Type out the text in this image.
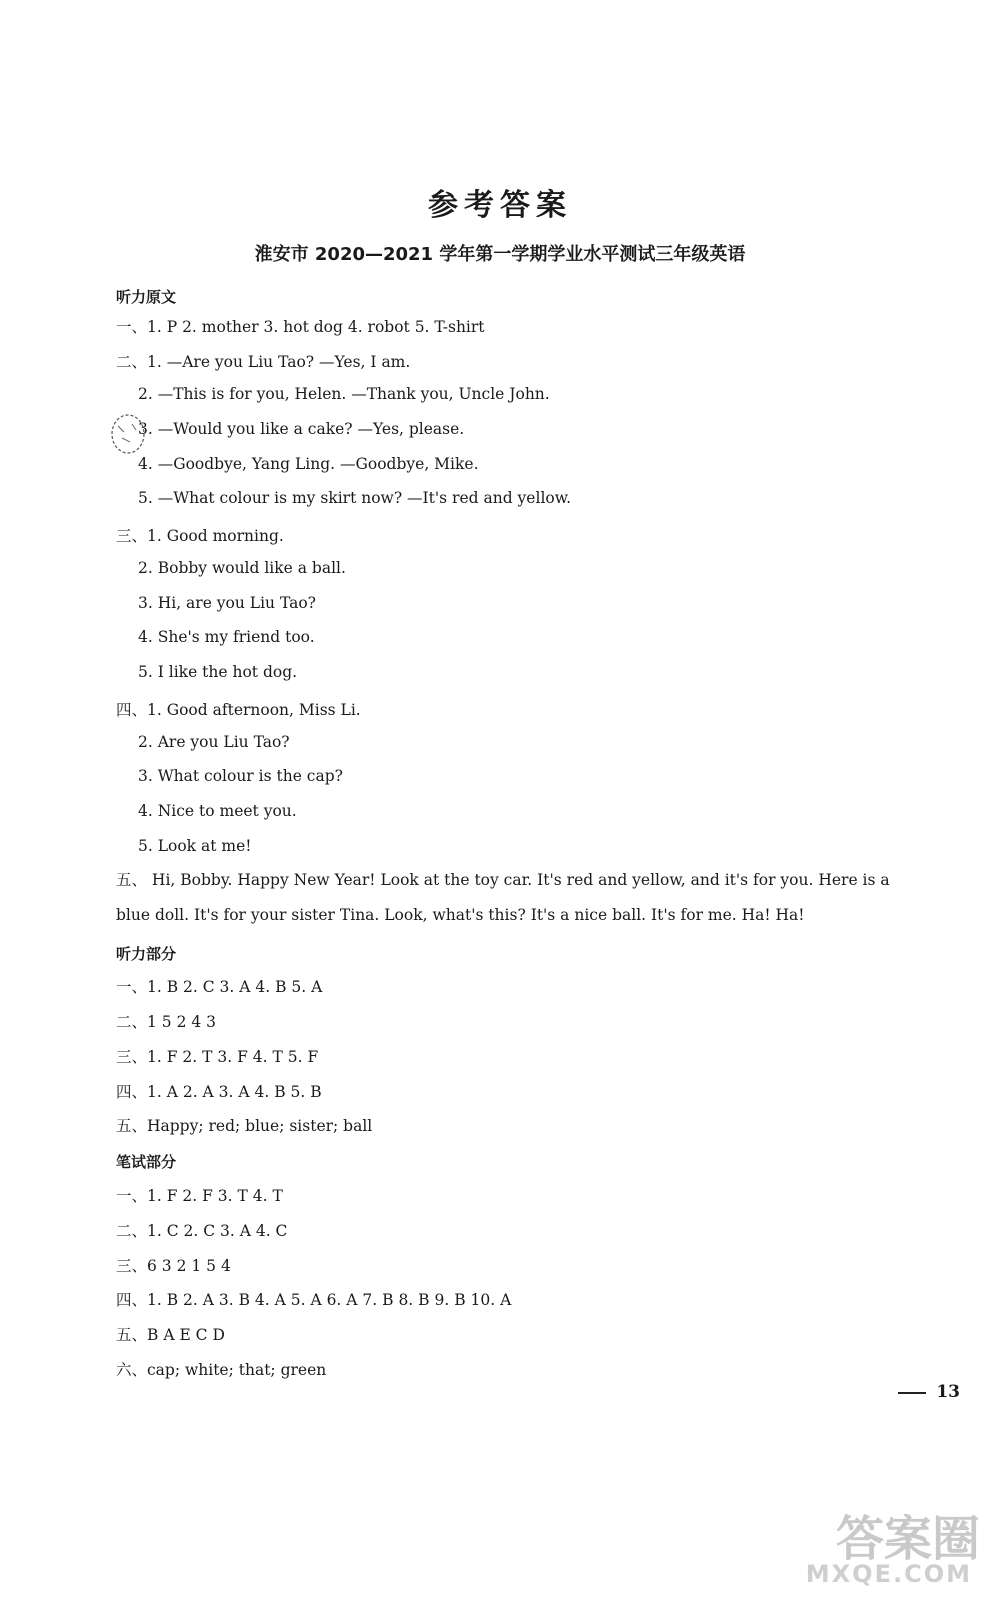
参考答案
淮安市 2020—2021 学年第一学期学业水平测试三年级英语
听力原文
一、1. P 2. mother 3. hot dog 4. robot 5. T-shirt
二、1. —Are you Liu Tao? —Yes, I am.
2. —This is for you, Helen. —Thank you, Uncle John.
3. —Would you like a cake? —Yes, please.
4. —Goodbye, Yang Ling. —Goodbye, Mike.
5. —What colour is my skirt now? —It's red and yellow.
三、1. Good morning.
2. Bobby would like a ball.
3. Hi, are you Liu Tao?
4. She's my friend too.
5. I like the hot dog.
四、1. Good afternoon, Miss Li.
2. Are you Liu Tao?
3. What colour is the cap?
4. Nice to meet you.
5. Look at me!
五、 Hi, Bobby. Happy New Year! Look at the toy car. It's red and yellow, and it's for you. Here is a blue doll. It's for your sister Tina. Look, what's this? It's a nice ball. It's for me. Ha! Ha!
听力部分
一、1. B 2. C 3. A 4. B 5. A
二、1 5 2 4 3
三、1. F 2. T 3. F 4. T 5. F
四、1. A 2. A 3. A 4. B 5. B
五、Happy; red; blue; sister; ball
笔试部分
一、1. F 2. F 3. T 4. T
二、1. C 2. C 3. A 4. C
三、6 3 2 1 5 4
四、1. B 2. A 3. B 4. A 5. A 6. A 7. B 8. B 9. B 10. A
五、B A E C D
六、cap; white; that; green
13
答案圈
MXQE.COM
